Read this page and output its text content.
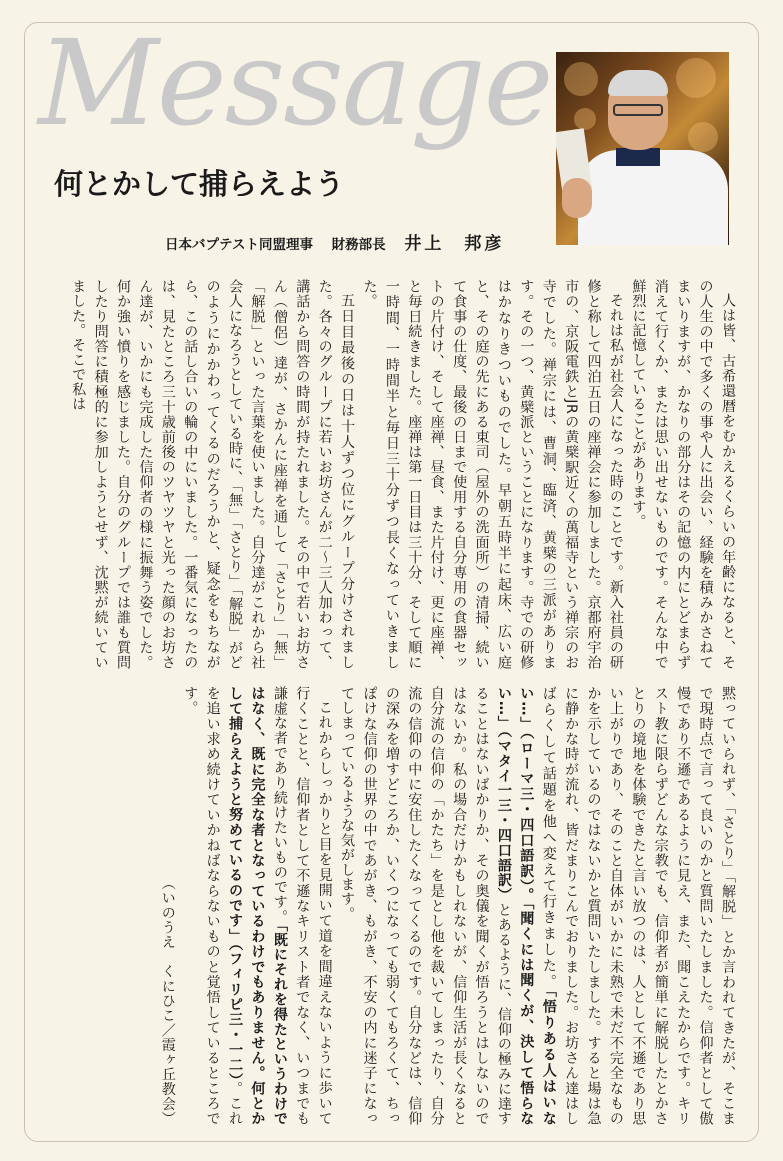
Message
何とかして捕らえよう
日本バプテスト同盟理事 財務部長 井上　邦彦

人は皆、古希還暦をむかえるくらいの年齢になると、その人生の中で多くの事や人に出会い、経験を積みかさねてまいりますが、かなりの部分はその記憶の内にとどまらず消えて行くか、または思い出せないものです。そんな中で鮮烈に記憶していることがあります。

それは私が社会人になった時のことです。新入社員の研修と称して四泊五日の座禅会に参加しました。京都府宇治市の、京阪電鉄とJRの黄檗駅近くの萬福寺という禅宗のお寺でした。禅宗には、曹洞、臨済、黄檗の三派があります。その一つ、黄檗派ということになります。寺での研修はかなりきついものでした。早朝五時半に起床、広い庭と、その庭の先にある東司（屋外の洗面所）の清掃、続いて食事の仕度、最後の日まで使用する自分専用の食器セットの片付け、そして座禅、昼食、また片付け、更に座禅、と毎日続きました。座禅は第一日目は三十分、そして順に一時間、一時間半と毎日三十分ずつ長くなっていきました。

五日目最後の日は十人ずつ位にグループ分けされました。各々のグループに若いお坊さんが二～三人加わって、講話から問答の時間が持たれました。その中で若いお坊さん（僧侶）達が、さかんに座禅を通して「さとり」「無」「解脱」といった言葉を使いました。自分達がこれから社会人になろうとしている時に、「無」「さとり」「解脱」がどのようにかかわってくるのだろうかと、疑念をもちながら、この話し合いの輪の中にいました。一番気になったのは、見たところ三十歳前後のツヤツヤと光った顔のお坊さん達が、いかにも完成した信仰者の様に振舞う姿でした。何か強い憤りを感じました。自分のグループでは誰も質問したり問答に積極的に参加しようとせず、沈黙が続いていました。そこで私は

黙っていられず、「さとり」「解脱」とか言われてきたが、そこまで現時点で言って良いのかと質問いたしました。信仰者として傲慢であり不遜であるように見え、また、聞こえたからです。キリスト教に限らずどんな宗教でも、信仰者が簡単に解脱したとかさとりの境地を体験できたと言い放つのは、人として不遜であり思い上がりであり、そのこと自体がいかに未熟で未だ不完全なものかを示しているのではないかと質問いたしました。すると場は急に静かな時が流れ、皆だまりこんでおりました。お坊さん達はしばらくして話題を他へ変えて行きました。「悟りある人はいない…」（ローマ三・四口語訳）。「聞くには聞くが、決して悟らない…」（マタイ一三・四口語訳）とあるように、信仰の極みに達することはないばかりか、その奥儀を聞くが悟ろうとはしないのではないか。私の場合だけかもしれないが、信仰生活が長くなると自分流の信仰の「かたち」を是とし他を裁いてしまったり、自分流の信仰の中に安住したくなってくるのです。自分などは、信仰の深みを増すどころか、いくつになっても弱くてもろくて、ちっぽけな信仰の世界の中であがき、もがき、不安の内に迷子になってしまっているような気がします。

これからしっかりと目を見開いて道を間違えないように歩いて行くことと、信仰者として不遜なキリスト者でなく、いつまでも謙虚な者であり続けたいものです。「既にそれを得たというわけではなく、既に完全な者となっているわけでもありません。何とかして捕らえようと努めているのです」（フィリピ三・一二）。これを追い求め続けていかねばならないものと覚悟しているところです。

（いのうえ　くにひこ／霞ヶ丘教会）
